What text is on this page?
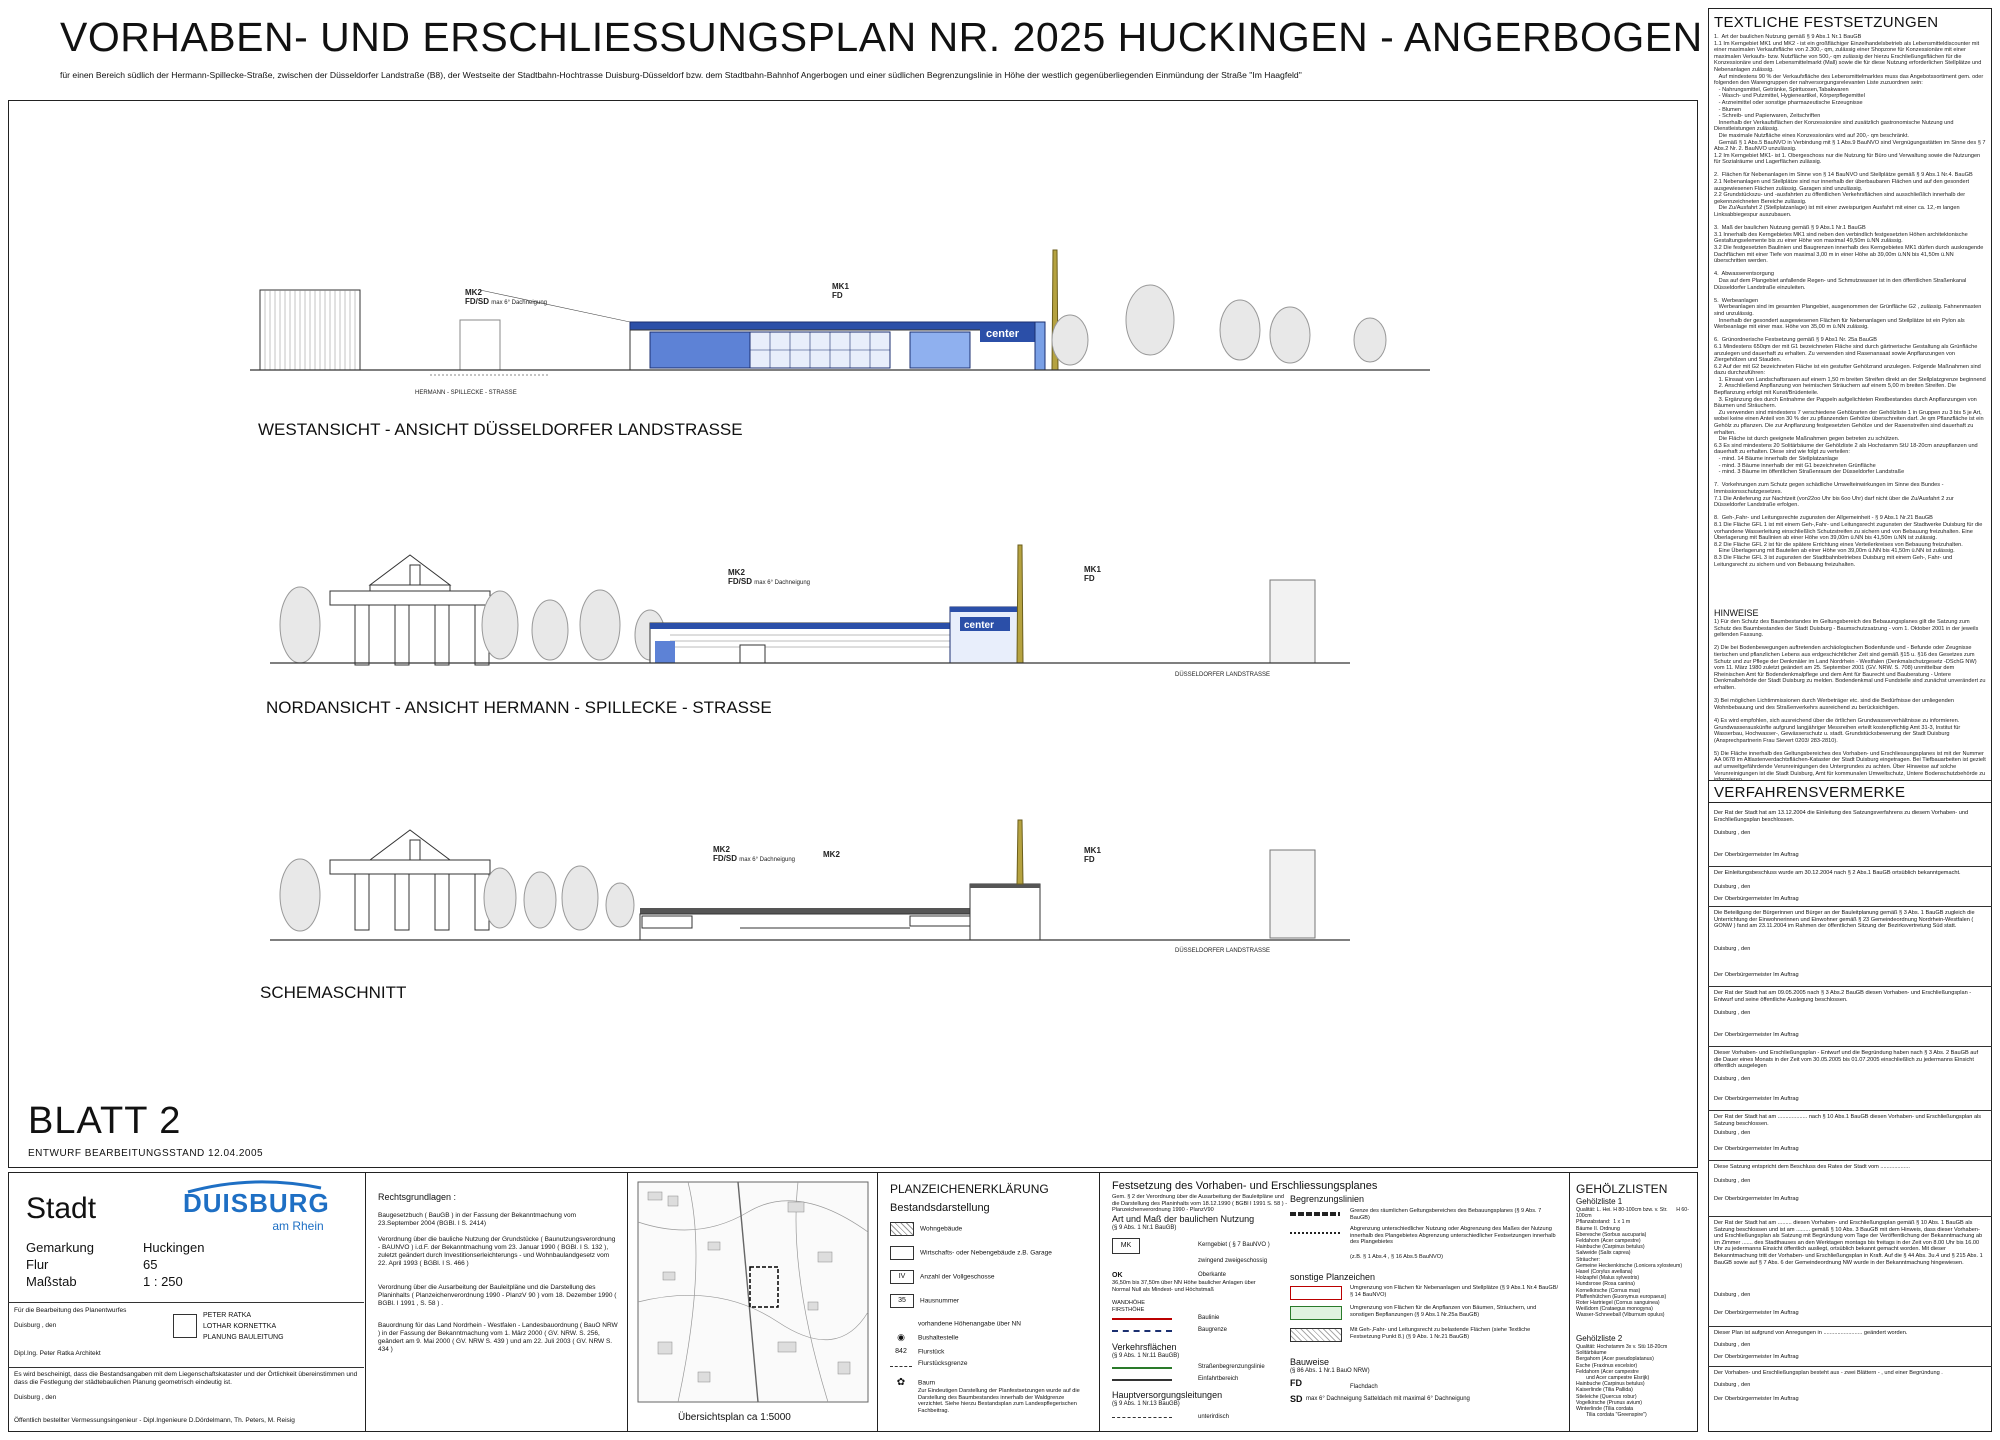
VORHABEN- UND ERSCHLIESSUNGSPLAN NR. 2025 HUCKINGEN - ANGERBOGEN
für einen Bereich südlich der Hermann-Spillecke-Straße, zwischen der Düsseldorfer Landstraße (B8), der Westseite der Stadtbahn-Hochtrasse Duisburg-Düsseldorf bzw. dem Stadtbahn-Bahnhof Angerbogen und einer südlichen Begrenzungslinie in Höhe der westlich gegenüberliegenden Einmündung der Straße "Im Haagfeld"
center
MK2
FD/SD max 6° Dachneigung
MK1
FD
HERMANN - SPILLECKE - STRASSE
WESTANSICHT - ANSICHT DÜSSELDORFER LANDSTRASSE
center
MK2
FD/SD max 6° Dachneigung
MK1
FD
DÜSSELDORFER LANDSTRASSE
NORDANSICHT - ANSICHT HERMANN - SPILLECKE - STRASSE
MK2
FD/SD max 6° Dachneigung
MK2	MK1
FD
DÜSSELDORFER LANDSTRASSE
SCHEMASCHNITT
BLATT 2
ENTWURF BEARBEITUNGSSTAND 12.04.2005
Stadt	DUISBURG
am Rhein
Gemarkung	Huckingen
Flur	65
Maßstab	1 : 250
Für die Bearbeitung des Planentwurfes
Duisburg , den
Dipl.Ing. Peter Ratka Architekt
PETER RATKA
LOTHAR KORNETTKA
PLANUNG BAULEITUNG
Es wird bescheinigt, dass die Bestandsangaben mit dem Liegenschaftskataster und der Örtlichkeit übereinstimmen und dass die Festlegung der städtebaulichen Planung geometrisch eindeutig ist.
Duisburg , den
Öffentlich bestellter Vermessungsingenieur - Dipl.Ingenieure D.Dördelmann, Th. Peters, M. Reisig
Rechtsgrundlagen :
Baugesetzbuch ( BauGB ) in der Fassung der Bekanntmachung vom 23.September 2004 (BGBl. I S. 2414)
Verordnung über die bauliche Nutzung der Grundstücke ( Baunutzungsverordnung - BAUNVO ) i.d.F. der Bekanntmachung vom 23. Januar 1990 ( BGBl. I S. 132 ), zuletzt geändert durch Investitionserleichterungs - und Wohnbaulandgesetz vom 22. April 1993 ( BGBl. I S. 466 )
Verordnung über die Ausarbeitung der Bauleitpläne und die Darstellung des Planinhalts ( Planzeichenverordnung 1990 - PlanzV 90 ) vom 18. Dezember 1990 ( BGBl. I 1991 , S. 58 ) .
Bauordnung für das Land Nordrhein - Westfalen - Landesbauordnung ( BauO NRW ) in der Fassung der Bekanntmachung vom 1. März 2000 ( GV. NRW. S. 256, geändert am 9. Mai 2000 ( GV. NRW S. 439 ) und am 22. Juli 2003 ( GV. NRW S. 434 )
Übersichtsplan ca 1:5000
PLANZEICHENERKLÄRUNG
Bestandsdarstellung
Wohngebäude
Wirtschafts- oder Nebengebäude z.B. Garage
IV Anzahl der Vollgeschosse
35 Hausnummer
vorhandene Höhenangabe über NN
◉ Bushaltestelle
842 Flurstück
Flurstücksgrenze
✿ Baum
Zur Eindeutigen Darstellung der Planfestsetzungen wurde auf die Darstellung des Baumbestandes innerhalb der Waldgrenze verzichtet. Siehe hierzu Bestandsplan zum Landespflegerischen Fachbeitrag.
Festsetzung des Vorhaben- und Erschliessungsplanes
Gem. § 2 der Verordnung über die Ausarbeitung der Bauleitpläne und die Darstellung des Planinhalts vom 18.12.1990 ( BGBl I 1991 S. 58 ) - Planzeichenverordnung 1990 - PlanzV90
Art und Maß der baulichen Nutzung
(§ 9 Abs. 1 Nr.1 BauGB)
MK	Kerngebiet ( § 7 BauNVO )
zwingend zweigeschossig
OK	Oberkante
36,50m bis 37,50m über NN Höhe baulicher Anlagen über Normal Null als Mindest- und Höchstmaß
WANDHÖHE
FIRSTHÖHE
Baulinie
Baugrenze
Verkehrsflächen
(§ 9 Abs. 1 Nr.11 BauGB)
Straßenbegrenzungslinie
Einfahrtbereich
Hauptversorgungsleitungen
(§ 9 Abs. 1 Nr.13 BauGB)
unterirdisch
Begrenzungslinien
Grenze des räumlichen Geltungsbereiches des Bebauungsplanes (§ 9 Abs. 7 BauGB)
Abgrenzung unterschiedlicher Nutzung oder Abgrenzung des Maßes der Nutzung innerhalb des Plangebietes Abgrenzung unterschiedlicher Festsetzungen innerhalb des Plangebietes
(z.B. § 1 Abs.4 , § 16 Abs.5 BauNVO)
sonstige Planzeichen
Umgrenzung von Flächen für Nebenanlagen und Stellplätze (§ 9 Abs.1 Nr.4 BauGB/§ 14 BauNVO)
Umgrenzung von Flächen für die Anpflanzen von Bäumen, Sträuchern, und sonstigen Bepflanzungen (§ 9 Abs.1 Nr.25a BauGB)
Mit Geh-,Fahr- und Leitungsrecht zu belastende Flächen (siehe Textliche Festsetzung Punkt 8.) (§ 9 Abs. 1 Nr.21 BauGB)
Bauweise
(§ 86 Abs. 1 Nr.1 BauO NRW)
FD	Flachdach
SD max 6° Dachneigung Satteldach mit maximal 6° Dachneigung
GEHÖLZLISTEN
Gehölzliste 1
Qualität: L. Hei. H 80-100cm bzw. v. Str.      H 60-100cm
Pflanzabstand:  1 x 1 m
Bäume II. Ordnung
Eberesche (Sorbus aucuparia)
Feldahorn (Acer campestre)
Hainbuche (Carpinus betulus)
Salweide (Salix caprea)
Sträucher:
Gemeine Heckenkirsche (Lonicera xylosteum)
Hasel (Corylus avellana)
Holzapfel (Malus sylvestris)
Hundsrose (Rosa canina)
Kornelkirsche (Cornus mas)
Pfaffenhütchen (Euonymus europaeus)
Roter Hartriegel (Cornus sanguinea)
Weißdorn (Crataegus monogyna)
Wasser-Schneeball (Viburnum opulus)
Gehölzliste 2
Qualität: Hochstamm 3x v. Stü 18-20cm
Solitärbäume
Bergahorn (Acer pseudoplatanus)
Esche (Fraxinus excelsior)
Feldahorn (Acer campestre
und Acer campestre Elsrijk)
Hainbuche (Carpinus betulus)
Kaiserlinde (Tilia Pallida)
Stieleiche (Quercus robur)
Vogelkirsche (Prunus avium)
Winterlinde (Tilia cordata
Tilia cordata "Greenspire")
TEXTLICHE FESTSETZUNGEN
1.  Art der baulichen Nutzung gemäß § 9 Abs.1 Nr.1 BauGB
1.1 Im Kerngebiet MK1 und MK2 - ist ein großflächiger Einzelhandelsbetrieb als Lebensmitteldiscounter mit einer maximalen Verkaufsfläche von 2.300,- qm, zulässig einer Shopzone für Konzessionäre mit einer maximalen Verkaufs- bzw. Nutzfläche von 500,- qm zulässig der hierzu Erschließungsflächen für die Konzessionäre und dem Lebensmittelmarkt (Mall) sowie die für diese Nutzung erforderlichen Stellplätze und Nebenanlagen zulässig.
Auf mindestens 90 % der Verkaufsfläche des Lebensmittelmarktes muss das Angebotssortiment gem. oder folgenden den Warengruppen der nahversorgungsrelevanten Liste zuzuordnen sein:
- Nahrungsmittel, Getränke, Spirituosen,Tabakwaren
- Wasch- und Putzmittel, Hygieneartikel, Körperpflegemittel
- Arzneimittel oder sonstige pharmazeutische Erzeugnisse
- Blumen
- Schreib- und Papierwaren, Zeitschriften
Innerhalb der Verkaufsflächen der Konzessionäre sind zusätzlich gastronomische Nutzung und Dienstleistungen zulässig.
Die maximale Nutzfläche eines Konzessionärs wird auf 200,- qm beschränkt.
Gemäß § 1 Abs.5 BauNVO in Verbindung mit § 1 Abs.9 BauNVO sind Vergnügungsstätten im Sinne des § 7 Abs.2 Nr. 2. BauNVO unzulässig.
1.2 Im Kerngebiet MK1- ist 1. Obergeschoss nur die Nutzung für Büro und Verwaltung sowie die Nutzungen für Sozialräume und Lagerflächen zulässig.

2.  Flächen für Nebenanlagen im Sinne von § 14 BauNVO und Stellplätze gemäß § 9 Abs.1 Nr.4. BauGB
2.1 Nebenanlagen und Stellplätze sind nur innerhalb der überbaubaren Flächen und auf den gesondert ausgewiesenen Flächen zulässig. Garagen sind unzulässig.
2.2 Grundstückszu- und -ausfahrten zu öffentlichen Verkehrsflächen sind ausschließlich innerhalb der gekennzeichneten Bereiche zulässig.
Die Zu/Ausfahrt 2 (Stellplatzanlage) ist mit einer zweispurigen Ausfahrt mit einer ca. 12,-m langen Linksabbiegespur auszubauen.

3.  Maß der baulichen Nutzung gemäß § 9 Abs.1 Nr.1 BauGB
3.1 Innerhalb des Kerngebietes MK1 sind neben den verbindlich festgesetzten Höhen architektonische Gestaltungselemente bis zu einer Höhe von maximal 49,50m ü.NN zulässig.
3.2 Die festgesetzten Baulinien und Baugrenzen innerhalb des Kerngebietes MK1 dürfen durch auskragende Dachflächen mit einer Tiefe von maximal 3,00 m in einer Höhe ab 39,00m ü.NN bis 41,50m ü.NN überschritten werden.

4.  Abwasserentsorgung
Das auf dem Plangebiet anfallende Regen- und Schmutzwasser ist in den öffentlichen Straßenkanal Düsseldorfer Landstraße einzuleiten.

5.  Werbeanlagen
Werbeanlagen sind im gesamten Plangebiet, ausgenommen der Grünfläche G2 , zulässig. Fahnenmasten sind unzulässig.
Innerhalb der gesondert ausgewiesenen Flächen für Nebenanlagen und Stellplätze ist ein Pylon als Werbeanlage mit einer max. Höhe von 35,00 m ü.NN zulässig.

6.  Grünordnerische Festsetzung gemäß § 9 Abs1 Nr. 25a BauGB
6.1 Mindestens 650qm der mit G1 bezeichneten Fläche sind durch gärtnerische Gestaltung als Grünfläche anzulegen und dauerhaft zu erhalten. Zu verwenden sind Rasenansaat sowie Anpflanzungen von Ziergehölzen und Stauden.
6.2 Auf der mit G2 bezeichneten Fläche ist ein gestufter Gehölzrand anzulegen. Folgende Maßnahmen sind dazu durchzuführen:
1. Einsaat von Landschaftsrasen auf einem 1,50 m breiten Streifen direkt an der Stellplatzgrenze beginnend
2. Anschließend Anpflanzung von heimischen Sträuchern auf einem 5,00 m breiten Streifen. Die Bepflanzung erfolgt mit Kunst/Brüdenteile.
3. Ergänzung des durch Entnahme der Pappeln aufgelichteten Restbestandes durch Anpflanzungen von Bäumen und Sträuchern.
Zu verwenden sind mindestens 7 verschiedene Gehölzarten der Gehölzliste 1 in Gruppen zu 3 bis 5 je Art, wobei keine einen Anteil von 30 % der zu pflanzenden Gehölze überschreiten darf. Je qm Pflanzfläche ist ein Gehölz zu pflanzen. Die zur Anpflanzung festgesetzten Gehölze und der Rasenstreifen sind dauerhaft zu erhalten.
Die Fläche ist durch geeignete Maßnahmen gegen betreten zu schützen.
6.3 Es sind mindestens 20 Solitärbäume der Gehölzliste 2 als Hochstamm StU 18-20cm anzupflanzen und dauerhaft zu erhalten. Diese sind wie folgt zu verteilen:
- mind. 14 Bäume innerhalb der Stellplatzanlage
- mind. 3 Bäume innerhalb der mit G1 bezeichneten Grünfläche
- mind. 3 Bäume im öffentlichen Straßenraum der Düsseldorfer Landstraße

7.  Vorkehrungen zum Schutz gegen schädliche Umwelteinwirkungen im Sinne des Bundes - Immissionsschutzgesetzes.
7.1 Die Anlieferung zur Nachtzeit (von22oo Uhr bis 6oo Uhr) darf nicht über die Zu/Ausfahrt 2 zur Düsseldorfer Landstraße erfolgen.

8.  Geh-,Fahr- und Leitungsrechte zugunsten der Allgemeinheit - § 9 Abs.1 Nr.21 BauGB
8.1 Die Fläche GFL 1 ist mit einem Geh-,Fahr- und Leitungsrecht zugunsten der Stadtwerke Duisburg für die vorhandene Wasserleitung einschließlich Schutzstreifen zu sichern und von Bebauung freizuhalten. Eine Überlagerung mit Baulinien ab einer Höhe von 39,00m ü.NN bis 41,50m ü.NN ist zulässig.
8.2 Die Fläche GFL 2 ist für die spätere Errichtung eines Verteilerkreises von Bebauung freizuhalten.
Eine Überlagerung mit Bauteilen ab einer Höhe von 39,00m ü.NN bis 41,50m ü.NN ist zulässig.
8.3 Die Fläche GFL 3 ist zugunsten der Stadtbahnbetriebes Duisburg mit einem Geh-, Fahr- und Leitungsrecht zu sichern und von Bebauung freizuhalten.
HINWEISE
1) Für den Schutz des Baumbestandes im Geltungsbereich des Bebauungsplanes gilt die Satzung zum Schutz des Baumbestandes der Stadt Duisburg - Baumschutzsatzung - vom 1. Oktober 2001 in der jeweils geltenden Fassung.

2) Die bei Bodenbewegungen auftretenden archäologischen Bodenfunde und - Befunde oder Zeugnisse tierischen und pflanzlichen Lebens aus erdgeschichtlicher Zeit sind gemäß §15 u. §16 des Gesetzes zum Schutz und zur Pflege der Denkmäler im Land Nordrhein - Westfalen (Denkmalschutzgesetz -DSchG NW) vom 11. März 1980 zuletzt geändert am 25. September 2001 (GV. NRW. S. 708) unmittelbar dem Rheinischen Amt für Bodendenkmalpflege und dem Amt für Baurecht und Bauberatung - Untere Denkmalbehörde der Stadt Duisburg zu melden. Bodendenkmal und Fundstelle sind zunächst unverändert zu erhalten.

3) Bei möglichen Lichtimmissionen durch Werbeträger etc. sind die Bedürfnisse der umliegenden Wohnbebauung und des Straßenverkehrs ausreichend zu berücksichtigen.

4) Es wird empfohlen, sich ausreichend über die örtlichen Grundwasserverhältnisse zu informieren. Grundwasserauskünfte aufgrund langjähriger Messreihen erteilt kostenpflichtig Amt 31-3, Institut für Wasserbau, Hochwasser-, Gewässerschutz u. stadt. Grundstücksbewerung der Stadt Duisburg (Ansprechpartnerin Frau Sievert 0203/ 283-2810).

5) Die Fläche innerhalb des Geltungsbereiches des Vorhaben- und Erschliessungsplanes ist mit der Nummer AA 0678 im Altlastenverdachtsflächen-Kataster der Stadt Duisburg eingetragen. Bei Tiefbauarbeiten ist gezielt auf umweltgefährdende Verunreinigungen des Untergrundes zu achten. Über Hinweise auf solche Verunreinigungen ist die Stadt Duisburg, Amt für kommunalen Umweltschutz, Untere Bodenschutzbehörde zu informieren.
VERFAHRENSVERMERKE
Der Rat der Stadt hat am 13.12.2004 die Einleitung des Satzungsverfahrens zu diesem Vorhaben- und Erschließungsplan beschlossen.
Duisburg , den
Der Oberbürgermeister Im Auftrag
Der Einleitungsbeschluss wurde am 30.12.2004 nach § 2 Abs.1 BauGB ortsüblich bekanntgemacht.
Duisburg , den
Der Oberbürgermeister Im Auftrag
Die Beteiligung der Bürgerinnen und Bürger an der Bauleitplanung gemäß § 3 Abs. 1 BauGB zugleich die Unterrichtung der Einwohnerinnen und Einwohner gemäß § 23 Gemeindeordnung Nordrhein-Westfalen ( GONW ) fand am 23.11.2004 im Rahmen der öffentlichen Sitzung der Bezirksvertretung Süd statt.
Duisburg , den
Der Oberbürgermeister Im Auftrag
Der Rat der Stadt hat am 09.05.2005 nach § 3 Abs.2 BauGB diesen Vorhaben- und Erschließungsplan - Entwurf und seine öffentliche Auslegung beschlossen.
Duisburg , den
Der Oberbürgermeister Im Auftrag
Dieser Vorhaben- und Erschließungsplan - Entwurf und die Begründung haben nach § 3 Abs. 2 BauGB auf die Dauer eines Monats in der Zeit vom 30.05.2005 bis 01.07.2005 einschließlich zu jedermanns Einsicht öffentlich ausgelegen
Duisburg , den
Der Oberbürgermeister Im Auftrag
Der Rat der Stadt hat am ................... nach § 10 Abs.1 BauGB diesen Vorhaben- und Erschließungsplan als Satzung beschlossen.
Duisburg , den
Der Oberbürgermeister Im Auftrag
Diese Satzung entspricht dem Beschluss des Rates der Stadt vom ...................
Duisburg , den
Der Oberbürgermeister Im Auftrag
Der Rat der Stadt hat am ......... diesen Vorhaben- und Erschließungsplan gemäß § 10 Abs. 1 BauGB als Satzung beschlossen und ist am ......... gemäß § 10 Abs. 3 BauGB mit dem Hinweis, dass dieser Vorhaben- und Erschließungsplan als Satzung mit Begründung vom Tage der Veröffentlichung der Bekanntmachung ab im Zimmer ....... des Stadthauses an den Werktagen montags bis freitags in der Zeit von 8.00 Uhr bis 16.00 Uhr zu jedermanns Einsicht öffentlich ausliegt, ortsüblich bekannt gemacht worden. Mit dieser Bekanntmachung tritt der Vorhaben- und Erschließungsplan in Kraft. Auf die § 44 Abs. 3u.4 und § 215 Abs. 1 BauGB sowie auf § 7 Abs. 6 der Gemeindeordnung NW wurde in der Bekanntmachung hingewiesen.
Duisburg , den
Der Oberbürgermeister Im Auftrag
Dieser Plan ist aufgrund von Anregungen in ......................... geändert worden.
Duisburg , den
Der Oberbürgermeister Im Auftrag
Der Vorhaben- und Erschließungsplan besteht aus - zwei Blättern - , und einer Begründung .
Duisburg , den
Der Oberbürgermeister Im Auftrag
